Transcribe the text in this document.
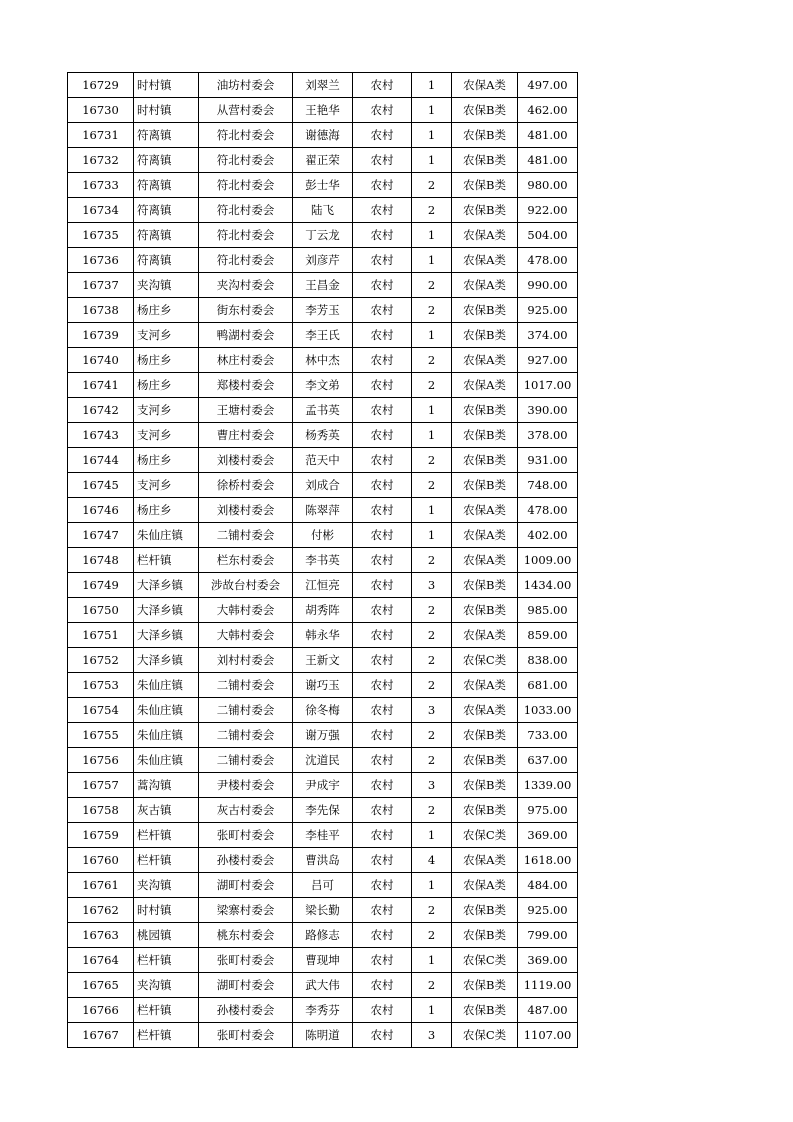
16729	时村镇	油坊村委会	刘翠兰	农村	1	农保A类	497.00
16730	时村镇	从营村委会	王艳华	农村	1	农保B类	462.00
16731	符离镇	符北村委会	谢德海	农村	1	农保B类	481.00
16732	符离镇	符北村委会	翟正荣	农村	1	农保B类	481.00
16733	符离镇	符北村委会	彭士华	农村	2	农保B类	980.00
16734	符离镇	符北村委会	陆飞	农村	2	农保B类	922.00
16735	符离镇	符北村委会	丁云龙	农村	1	农保A类	504.00
16736	符离镇	符北村委会	刘彦芹	农村	1	农保A类	478.00
16737	夹沟镇	夹沟村委会	王昌金	农村	2	农保A类	990.00
16738	杨庄乡	街东村委会	李芳玉	农村	2	农保B类	925.00
16739	支河乡	鸭湖村委会	李王氏	农村	1	农保B类	374.00
16740	杨庄乡	林庄村委会	林中杰	农村	2	农保A类	927.00
16741	杨庄乡	郑楼村委会	李文弟	农村	2	农保A类	1017.00
16742	支河乡	王塘村委会	孟书英	农村	1	农保B类	390.00
16743	支河乡	曹庄村委会	杨秀英	农村	1	农保B类	378.00
16744	杨庄乡	刘楼村委会	范天中	农村	2	农保B类	931.00
16745	支河乡	徐桥村委会	刘成合	农村	2	农保B类	748.00
16746	杨庄乡	刘楼村委会	陈翠萍	农村	1	农保A类	478.00
16747	朱仙庄镇	二铺村委会	付彬	农村	1	农保A类	402.00
16748	栏杆镇	栏东村委会	李书英	农村	2	农保A类	1009.00
16749	大泽乡镇	涉故台村委会	江恒亮	农村	3	农保B类	1434.00
16750	大泽乡镇	大韩村委会	胡秀阵	农村	2	农保B类	985.00
16751	大泽乡镇	大韩村委会	韩永华	农村	2	农保A类	859.00
16752	大泽乡镇	刘村村委会	王新文	农村	2	农保C类	838.00
16753	朱仙庄镇	二铺村委会	谢巧玉	农村	2	农保A类	681.00
16754	朱仙庄镇	二铺村委会	徐冬梅	农村	3	农保A类	1033.00
16755	朱仙庄镇	二铺村委会	谢万强	农村	2	农保B类	733.00
16756	朱仙庄镇	二铺村委会	沈道民	农村	2	农保B类	637.00
16757	蒿沟镇	尹楼村委会	尹成宇	农村	3	农保B类	1339.00
16758	灰古镇	灰古村委会	李先保	农村	2	农保B类	975.00
16759	栏杆镇	张町村委会	李桂平	农村	1	农保C类	369.00
16760	栏杆镇	孙楼村委会	曹洪岛	农村	4	农保A类	1618.00
16761	夹沟镇	湖町村委会	吕可	农村	1	农保A类	484.00
16762	时村镇	梁寨村委会	梁长勤	农村	2	农保B类	925.00
16763	桃园镇	桃东村委会	路修志	农村	2	农保B类	799.00
16764	栏杆镇	张町村委会	曹现坤	农村	1	农保C类	369.00
16765	夹沟镇	湖町村委会	武大伟	农村	2	农保B类	1119.00
16766	栏杆镇	孙楼村委会	李秀芬	农村	1	农保B类	487.00
16767	栏杆镇	张町村委会	陈明道	农村	3	农保C类	1107.00
